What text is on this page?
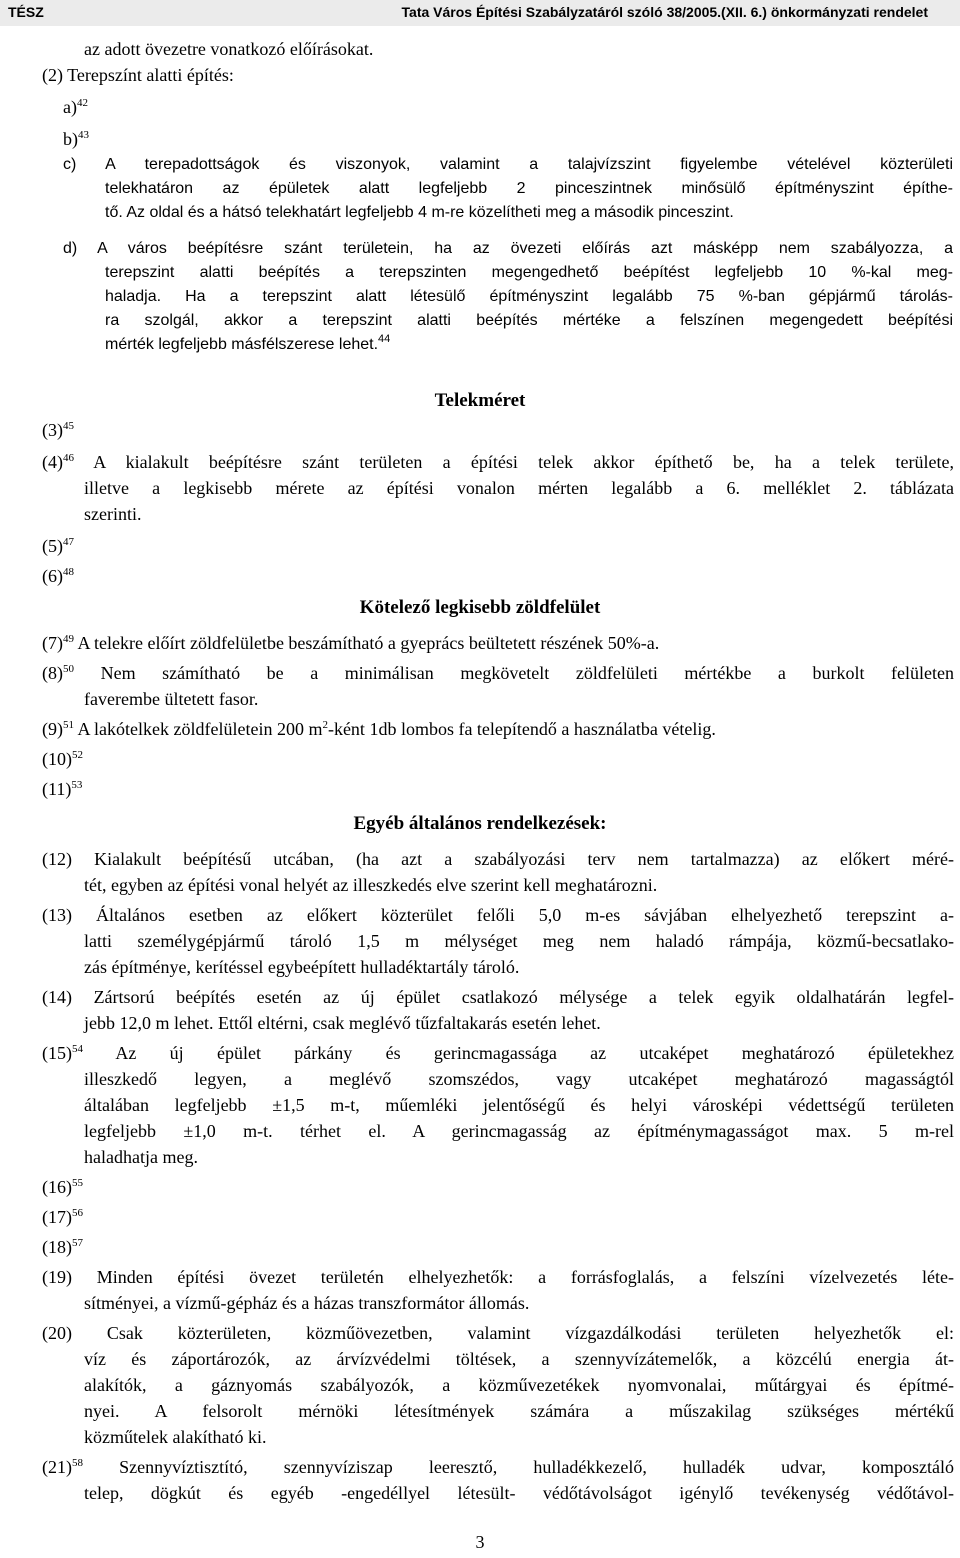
TÉSZ	Tata Város Építési Szabályzatáról szóló 38/2005.(XII. 6.) önkormányzati rendelet
az adott övezetre vonatkozó előírásokat.
(2) Terepszínt alatti építés:
a)$^{42}$
b)$^{43}$
c) A terepadottságok és viszonyok, valamint a talajvízszint figyelembe vételével közterületi
telekhatáron az épületek alatt legfeljebb 2 pinceszintnek minősülő építményszint építhe-
tő. Az oldal és a hátsó telekhatárt legfeljebb 4 m-re közelítheti meg a második pinceszint.
d) A város beépítésre szánt területein, ha az övezeti előírás azt másképp nem szabályozza, a
terepszint alatti beépítés a terepszinten megengedhető beépítést legfeljebb 10 %-kal meg-
haladja. Ha a terepszint alatt létesülő építményszint legalább 75 %-ban gépjármű tárolás-
ra szolgál, akkor a terepszint alatti beépítés mértéke a felszínen megengedett beépítési
mérték legfeljebb másfélszerese lehet.$^{44}$
Telekméret
$(3)^{45}$
$(4)^{46}$ A kialakult beépítésre szánt területen a építési telek akkor építhető be, ha a telek területe,
illetve a legkisebb mérete az építési vonalon mérten legalább a 6. melléklet 2. táblázata
szerinti.
$(5)^{47}$
$(6)^{48}$
Kötelező legkisebb zöldfelület
$(7)^{49}$ A telekre előírt zöldfelületbe beszámítható a gyeprács beültetett részének 50%-a.
$(8)^{50}$ Nem számítható be a minimálisan megkövetelt zöldfelületi mértékbe a burkolt felületen
faverembe ültetett fasor.
$(9)^{51}$ A lakótelkek zöldfelületein 200 $m^2$-ként 1db lombos fa telepítendő a használatba vételig.
$(10)^{52}$
$(11)^{53}$
Egyéb általános rendelkezések:
(12) Kialakult beépítésű utcában, (ha azt a szabályozási terv nem tartalmazza) az előkert méré-
tét, egyben az építési vonal helyét az illeszkedés elve szerint kell meghatározni.
(13) Általános esetben az előkert közterület felőli 5,0 m-es sávjában elhelyezhető terepszint a-
latti személygépjármű tároló 1,5 m mélységet meg nem haladó rámpája, közmű-becsatlako-
zás építménye, kerítéssel egybeépített hulladéktartály tároló.
(14) Zártsorú beépítés esetén az új épület csatlakozó mélysége a telek egyik oldalhatárán legfel-
jebb 12,0 m lehet. Ettől eltérni, csak meglévő tűzfaltakarás esetén lehet.
$(15)^{54}$ Az új épület párkány és gerincmagassága az utcaképet meghatározó épületekhez
illeszkedő legyen, a meglévő szomszédos, vagy utcaképet meghatározó magasságtól
általában legfeljebb ±1,5 m-t, műemléki jelentőségű és helyi városképi védettségű területen
legfeljebb ±1,0 m-t. térhet el. A gerincmagasság az építménymagasságot max. 5 m-rel
haladhatja meg.
$(16)^{55}$
$(17)^{56}$
$(18)^{57}$
(19) Minden építési övezet területén elhelyezhetők: a forrásfoglalás, a felszíni vízelvezetés léte-
sítményei, a vízmű-gépház és a házas transzformátor állomás.
(20) Csak közterületen, közműövezetben, valamint vízgazdálkodási területen helyezhetők el:
víz és záportározók, az árvízvédelmi töltések, a szennyvízátemelők, a közcélú energia át-
alakítók, a gáznyomás szabályozók, a közművezetékek nyomvonalai, műtárgyai és építmé-
nyei. A felsorolt mérnöki létesítmények számára a műszakilag szükséges mértékű
közműtelek alakítható ki.
$(21)^{58}$ Szennyvíztisztító, szennyvíziszap leeresztő, hulladékkezelő, hulladék udvar, komposztáló
telep, dögkút és egyéb -engedéllyel létesült- védőtávolságot igénylő tevékenység védőtávol-
3
